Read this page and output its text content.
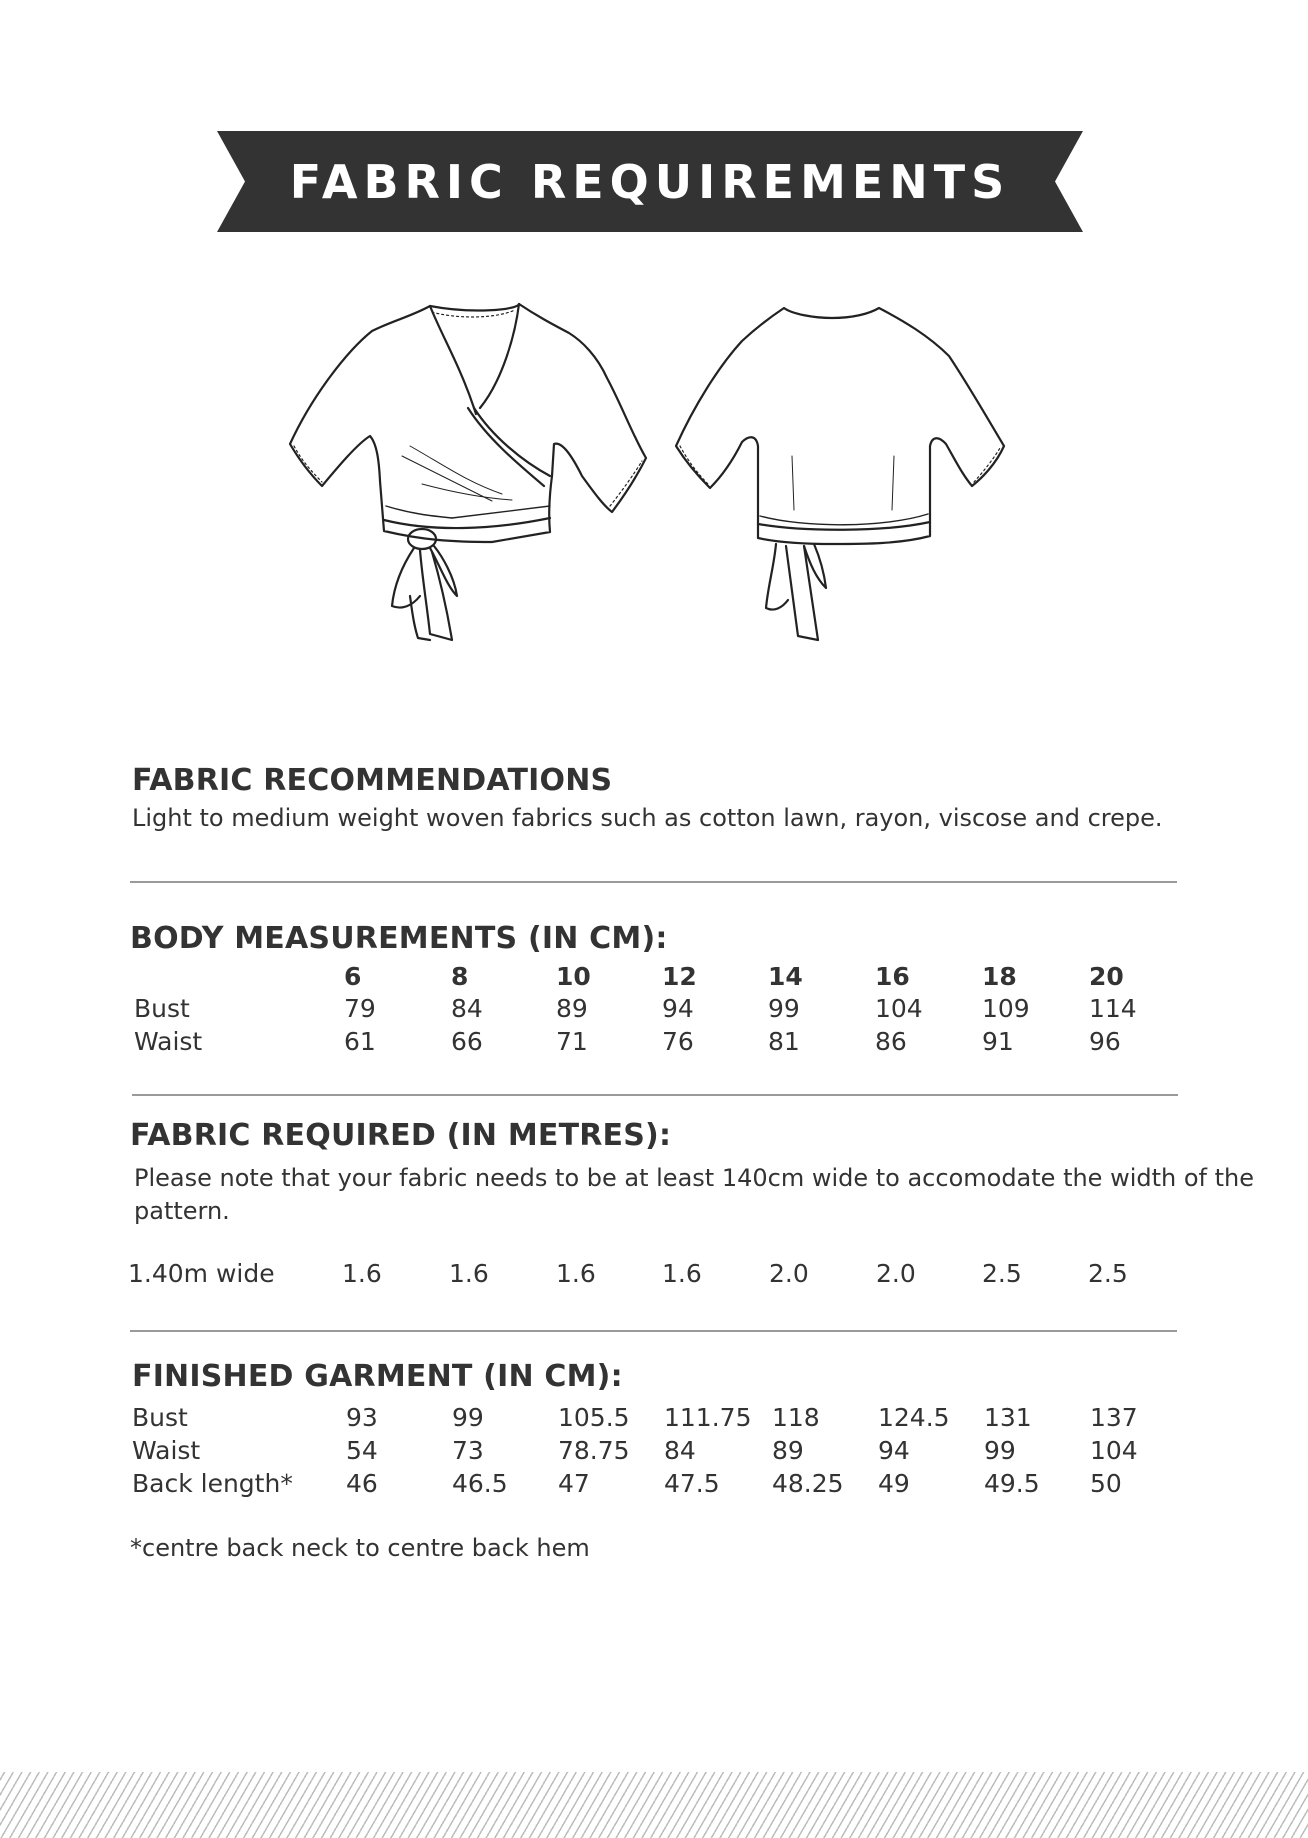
FABRIC REQUIREMENTS
FABRIC RECOMMENDATIONS
Light to medium weight woven fabrics such as cotton lawn, rayon, viscose and crepe.
BODY MEASUREMENTS (IN CM):
6	8	10	12	14	16	18	20
Bust	79	84	89	94	99	104 109 114
Waist	61	66	71	76	81	86	91	96
FABRIC REQUIRED (IN METRES):
Please note that your fabric needs to be at least 140cm wide to accomodate the width of the
pattern.
1.40m wide	1.6	1.6	1.6	1.6	2.0	2.0	2.5	2.5
FINISHED GARMENT (IN CM):
Bust	93	99	105.5 111.75 118 124.5 131 137
Waist	54	73	78.75 84	89	94	99	104
Back length* 46	46.5 47	47.5 48.25 49	49.5 50
*centre back neck to centre back hem
